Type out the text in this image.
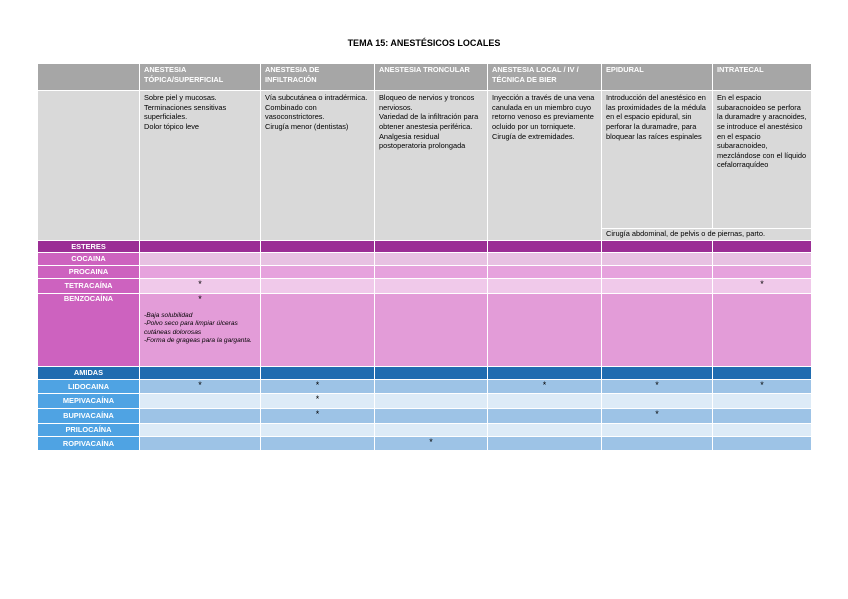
TEMA 15: ANESTÉSICOS LOCALES
	ANESTESIA TÓPICA/SUPERFICIAL	ANESTESIA DE INFILTRACIÓN	ANESTESIA TRONCULAR	ANESTESIA LOCAL / IV / TÉCNICA DE BIER	EPIDURAL	INTRATECAL
	Sobre piel y mucosas.
Terminaciones sensitivas superficiales.
Dolor tópico leve	Vía subcutánea o intradérmica.
Combinado con vasoconstrictores.
Cirugía menor (dentistas)	Bloqueo de nervios y troncos nerviosos.
Variedad de la infiltración para obtener anestesia periférica.
Analgesia residual postoperatoria prolongada	Inyección a través de una vena canulada en un miembro cuyo retorno venoso es previamente ocluido por un torniquete.
Cirugía de extremidades.	Introducción del anestésico en las proximidades de la médula en el espacio epidural, sin perforar la duramadre, para bloquear las raíces espinales	En el espacio subaracnoideo se perfora la duramadre y aracnoides, se introduce el anestésico en el espacio subaracnoideo, mezclándose con el líquido cefalorraquídeo
					Cirugía abdominal, de pelvis o de piernas, parto.	
ESTERES						
COCAINA						
PROCAINA						
TETRACAÍNA	*					*
BENZOCAÍNA	*
-Baja solubilidad
-Polvo seco para limpiar úlceras cutáneas dolorosas
-Forma de grageas para la garganta.					

AMIDAS						
LIDOCAINA	*	*		*	*	*
MEPIVACAÍNA		*				
BUPIVACAÍNA		*			*	
PRILOCAÍNA						
ROPIVACAÍNA			*			
